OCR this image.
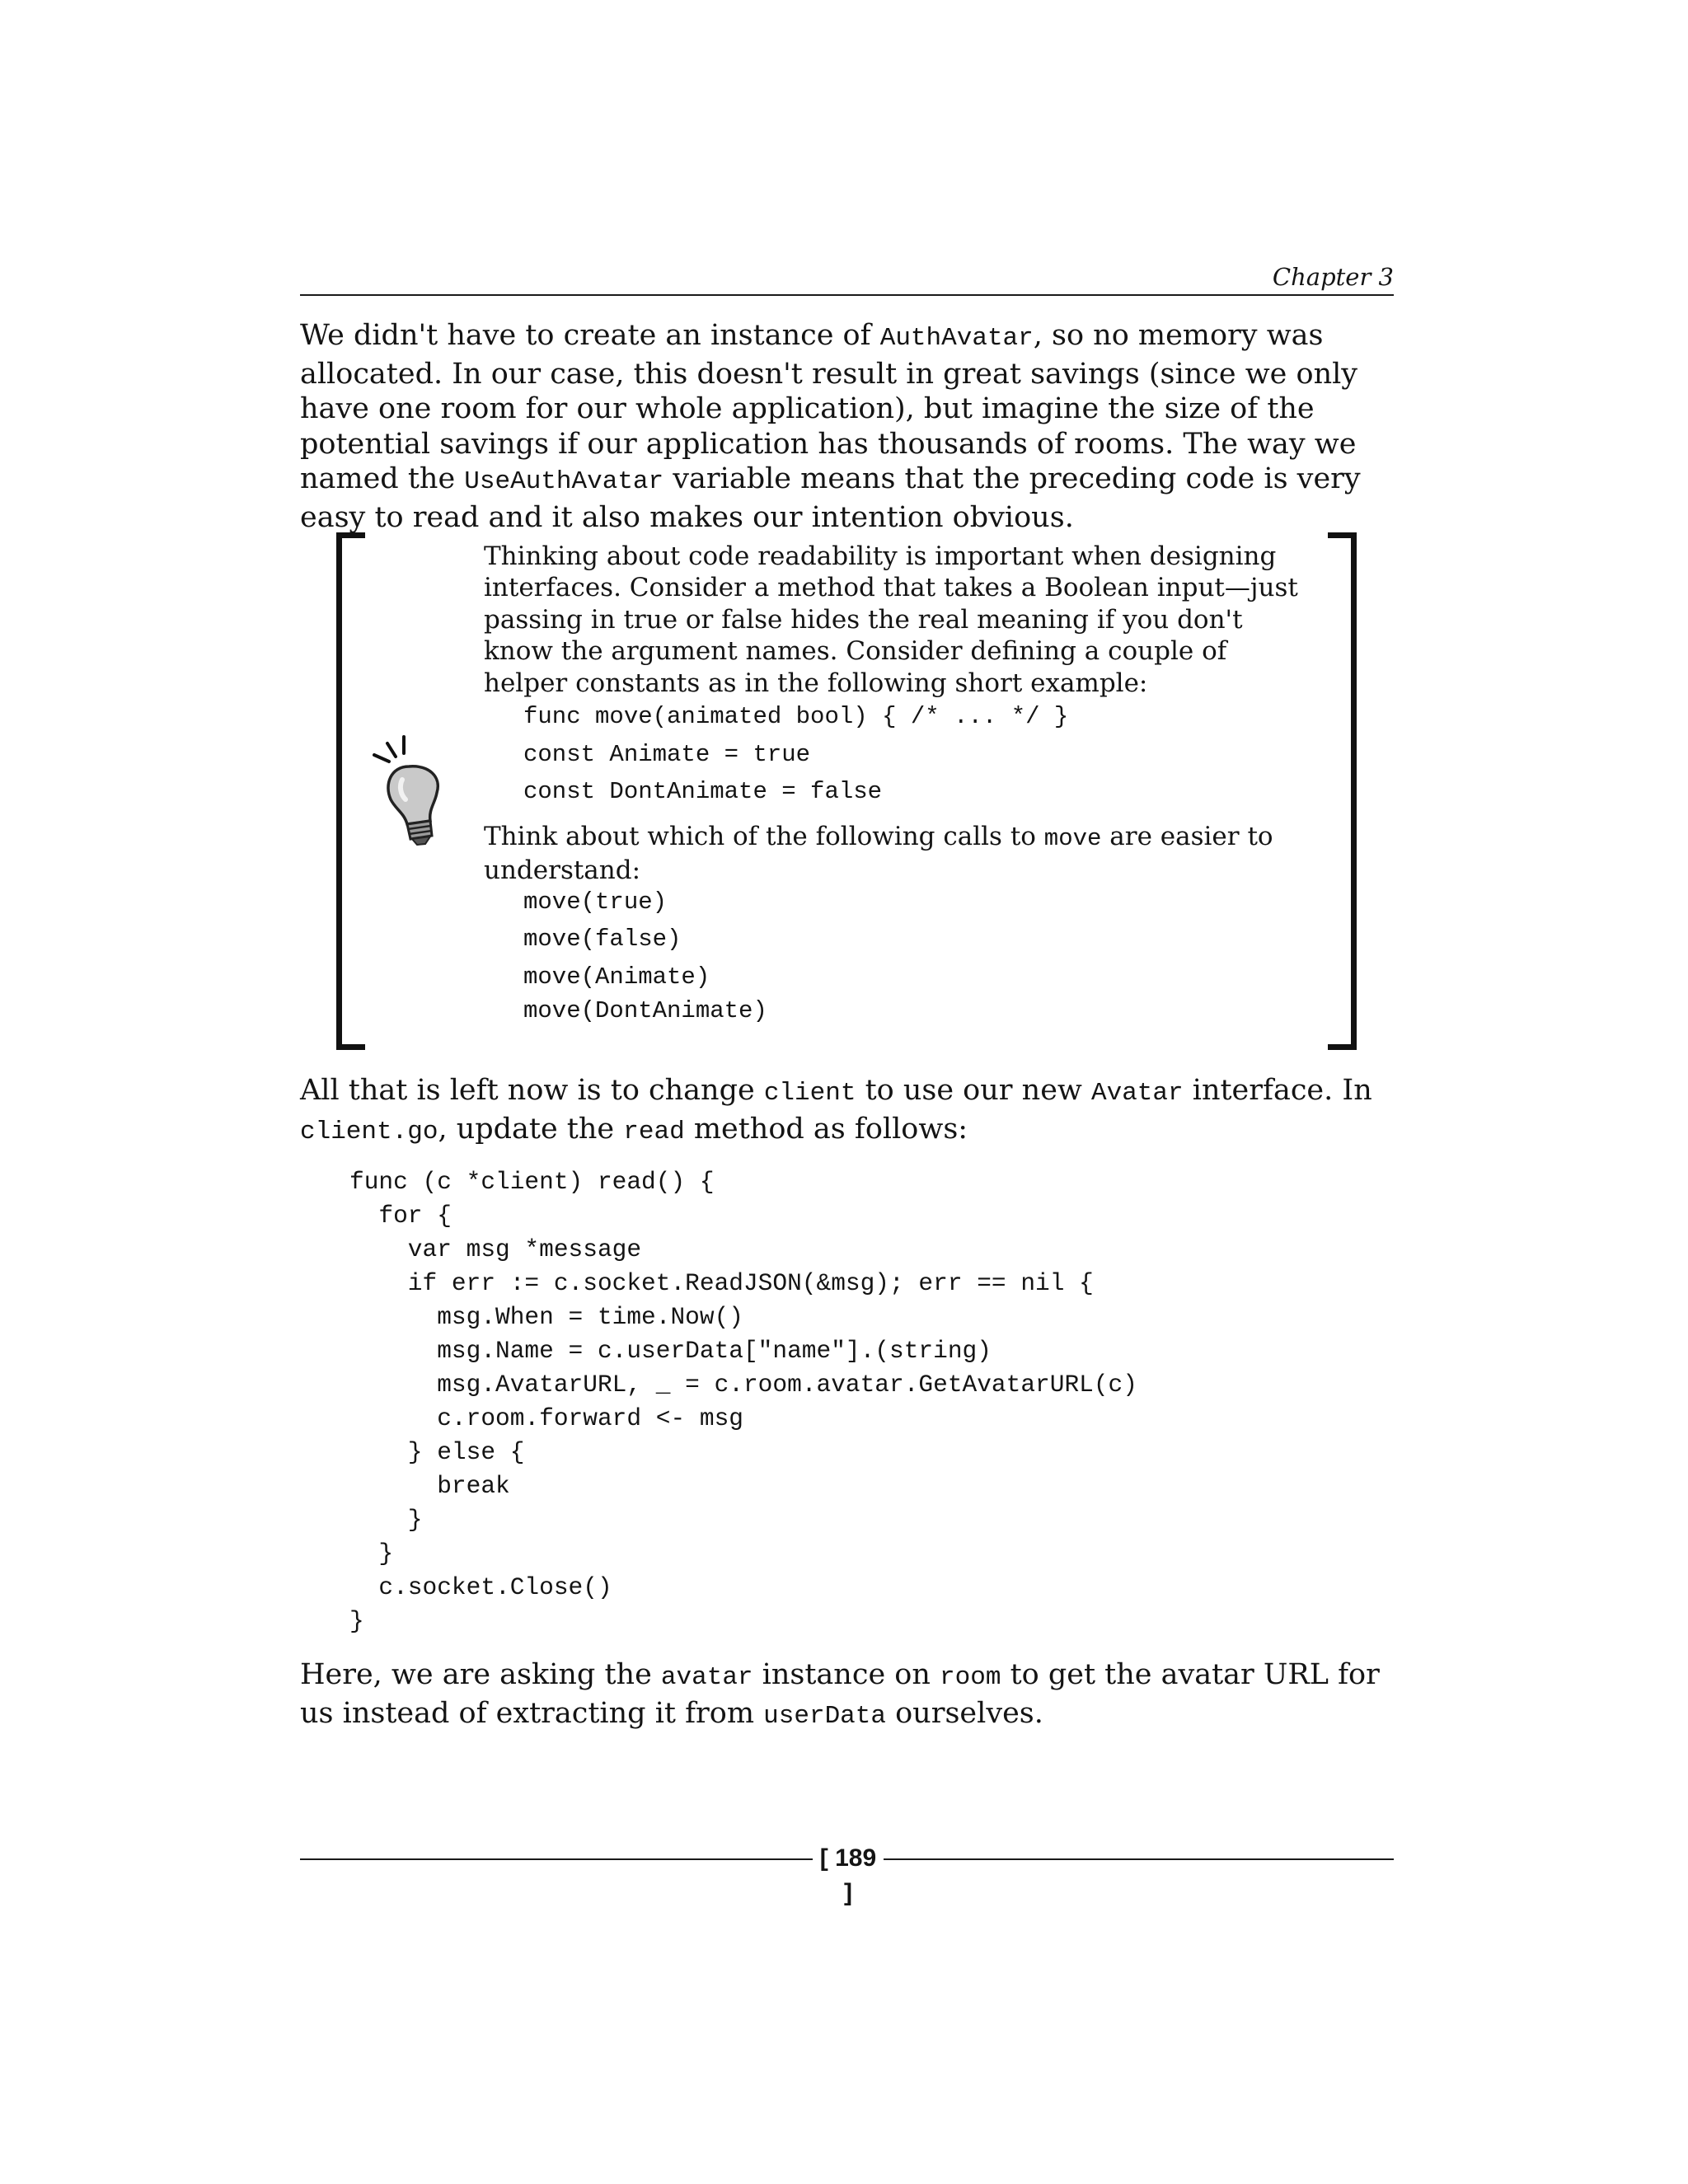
Chapter 3

We didn't have to create an instance of AuthAvatar, so no memory was allocated. In our case, this doesn't result in great savings (since we only have one room for our whole application), but imagine the size of the potential savings if our application has thousands of rooms. The way we named the UseAuthAvatar variable means that the preceding code is very easy to read and it also makes our intention obvious.

Thinking about code readability is important when designing interfaces. Consider a method that takes a Boolean input—just passing in true or false hides the real meaning if you don't know the argument names. Consider defining a couple of helper constants as in the following short example:

func move(animated bool) { /* ... */ }
const Animate = true
const DontAnimate = false

Think about which of the following calls to move are easier to understand:

move(true)
move(false)
move(Animate)
move(DontAnimate)

All that is left now is to change client to use our new Avatar interface. In client.go, update the read method as follows:

func (c *client) read() {
for {
var msg *message
if err := c.socket.ReadJSON(&msg); err == nil {
msg.When = time.Now()
msg.Name = c.userData["name"].(string)
msg.AvatarURL, _ = c.room.avatar.GetAvatarURL(c)
c.room.forward <- msg
} else {
break
}
}
c.socket.Close()
}

Here, we are asking the avatar instance on room to get the avatar URL for us instead of extracting it from userData ourselves.

[ 189 ]
